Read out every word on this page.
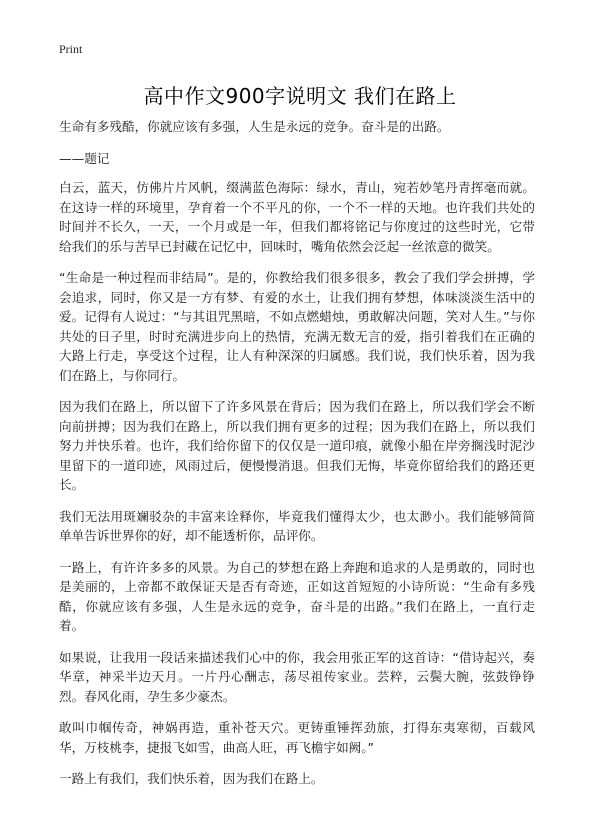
Print
高中作文900字说明文 我们在路上

生命有多残酷，你就应该有多强，人生是永远的竞争。奋斗是的出路。

——题记

白云，蓝天，仿佛片片风帆，缀满蓝色海际：绿水，青山，宛若妙笔丹青挥毫而就。在这诗一样的环境里，孕育着一个不平凡的你，一个不一样的天地。也许我们共处的时间并不长久，一天，一个月或是一年，但我们都将铭记与你度过的这些时光，它带给我们的乐与苦早已封藏在记忆中，回味时，嘴角依然会泛起一丝浓意的微笑。

“生命是一种过程而非结局”。是的，你教给我们很多很多，教会了我们学会拼搏，学会追求，同时，你又是一方有梦、有爱的水土，让我们拥有梦想，体味淡淡生活中的爱。记得有人说过：“与其诅咒黑暗，不如点燃蜡烛，勇敢解决问题，笑对人生。”与你共处的日子里，时时充满进步向上的热情，充满无数无言的爱，指引着我们在正确的大路上行走，享受这个过程，让人有种深深的归属感。我们说，我们快乐着，因为我们在路上，与你同行。

因为我们在路上，所以留下了许多风景在背后；因为我们在路上，所以我们学会不断向前拼搏；因为我们在路上，所以我们拥有更多的过程；因为我们在路上，所以我们努力并快乐着。也许，我们给你留下的仅仅是一道印痕，就像小船在岸旁搁浅时泥沙里留下的一道印迹，风雨过后，便慢慢消退。但我们无悔，毕竟你留给我们的路还更长。

我们无法用斑斓驳杂的丰富来诠释你，毕竟我们懂得太少，也太渺小。我们能够简简单单告诉世界你的好，却不能透析你，品评你。

一路上，有许许多多的风景。为自己的梦想在路上奔跑和追求的人是勇敢的，同时也是美丽的，上帝都不敢保证天是否有奇迹，正如这首短短的小诗所说：“生命有多残酷，你就应该有多强，人生是永远的竞争，奋斗是的出路。”我们在路上，一直行走着。

如果说，让我用一段话来描述我们心中的你，我会用张正军的这首诗：“借诗起兴，奏华章，神采半边天月。一片丹心酬志，荡尽祖传家业。芸粹，云鬓大腕，弦鼓铮铮烈。春风化雨，孕生多少豪杰。

敢叫巾帼传奇，神娲再造，重补苍天穴。更铸重锤挥劲旅，打得东夷寒彻，百载风华，万枝桃李，捷报飞如雪，曲高人旺，再飞檐宇如阙。”

一路上有我们，我们快乐着，因为我们在路上。
